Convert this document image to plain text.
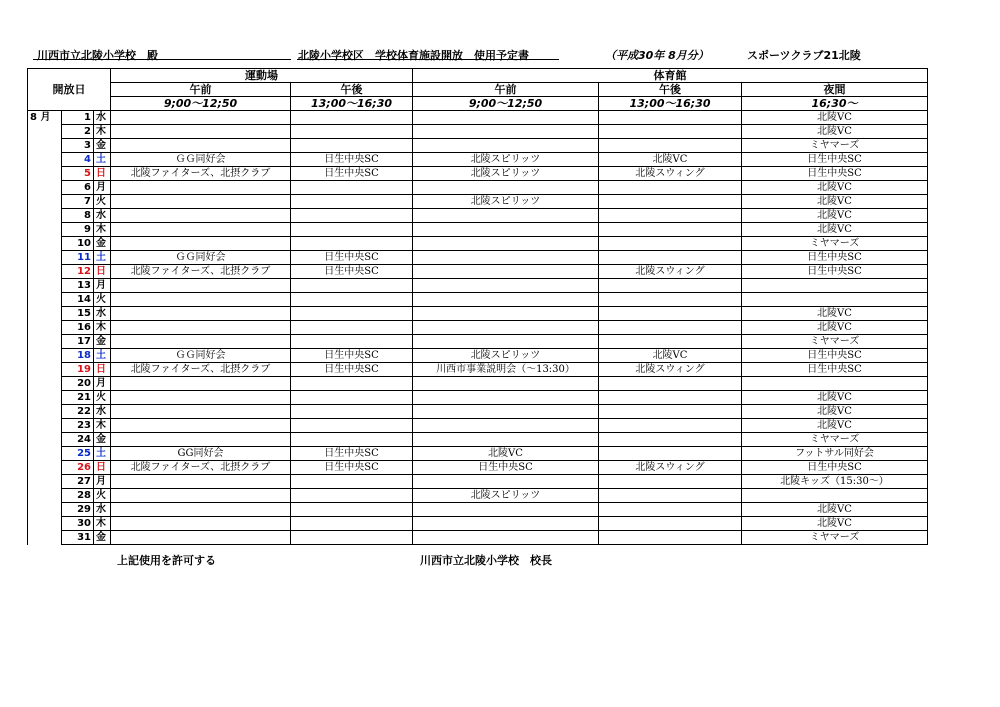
川西市立北陵小学校　殿	北陵小学校区　学校体育施設開放　使用予定書	（平成30年 8月分）	スポーツクラブ21北陵
開放日			運動場		体育館		
			午前	午後	午前	午後	夜間
			9;00～12;50	13;00～16;30	9;00～12;50	13;00～16;30	16;30～
8 月	1	水					北陵VC
	2	木					北陵VC
	3	金					ミヤマーズ
	4	土	ＧＧ同好会	日生中央SC	北陵スピリッツ	北陵VC	日生中央SC
	5	日	北陵ファイターズ、北摂クラブ	日生中央SC	北陵スピリッツ	北陵スウィング	日生中央SC
	6	月					北陵VC
	7	火			北陵スピリッツ		北陵VC
	8	水					北陵VC
	9	木					北陵VC
	10	金					ミヤマーズ
	11	土	ＧＧ同好会	日生中央SC			日生中央SC
	12	日	北陵ファイターズ、北摂クラブ	日生中央SC		北陵スウィング	日生中央SC
	13	月					
	14	火					
	15	水					北陵VC
	16	木					北陵VC
	17	金					ミヤマーズ
	18	土	ＧＧ同好会	日生中央SC	北陵スピリッツ	北陵VC	日生中央SC
	19	日	北陵ファイターズ、北摂クラブ	日生中央SC	川西市事業説明会（～13:30）	北陵スウィング	日生中央SC
	20	月					
	21	火					北陵VC
	22	水					北陵VC
	23	木					北陵VC
	24	金					ミヤマーズ
	25	土	GG同好会	日生中央SC	北陵VC		フットサル同好会
	26	日	北陵ファイターズ、北摂クラブ	日生中央SC	日生中央SC	北陵スウィング	日生中央SC
	27	月					北陵キッズ（15:30～）
	28	火			北陵スピリッツ		
	29	水					北陵VC
	30	木					北陵VC
	31	金					ミヤマーズ
上記使用を許可する	川西市立北陵小学校　校長
